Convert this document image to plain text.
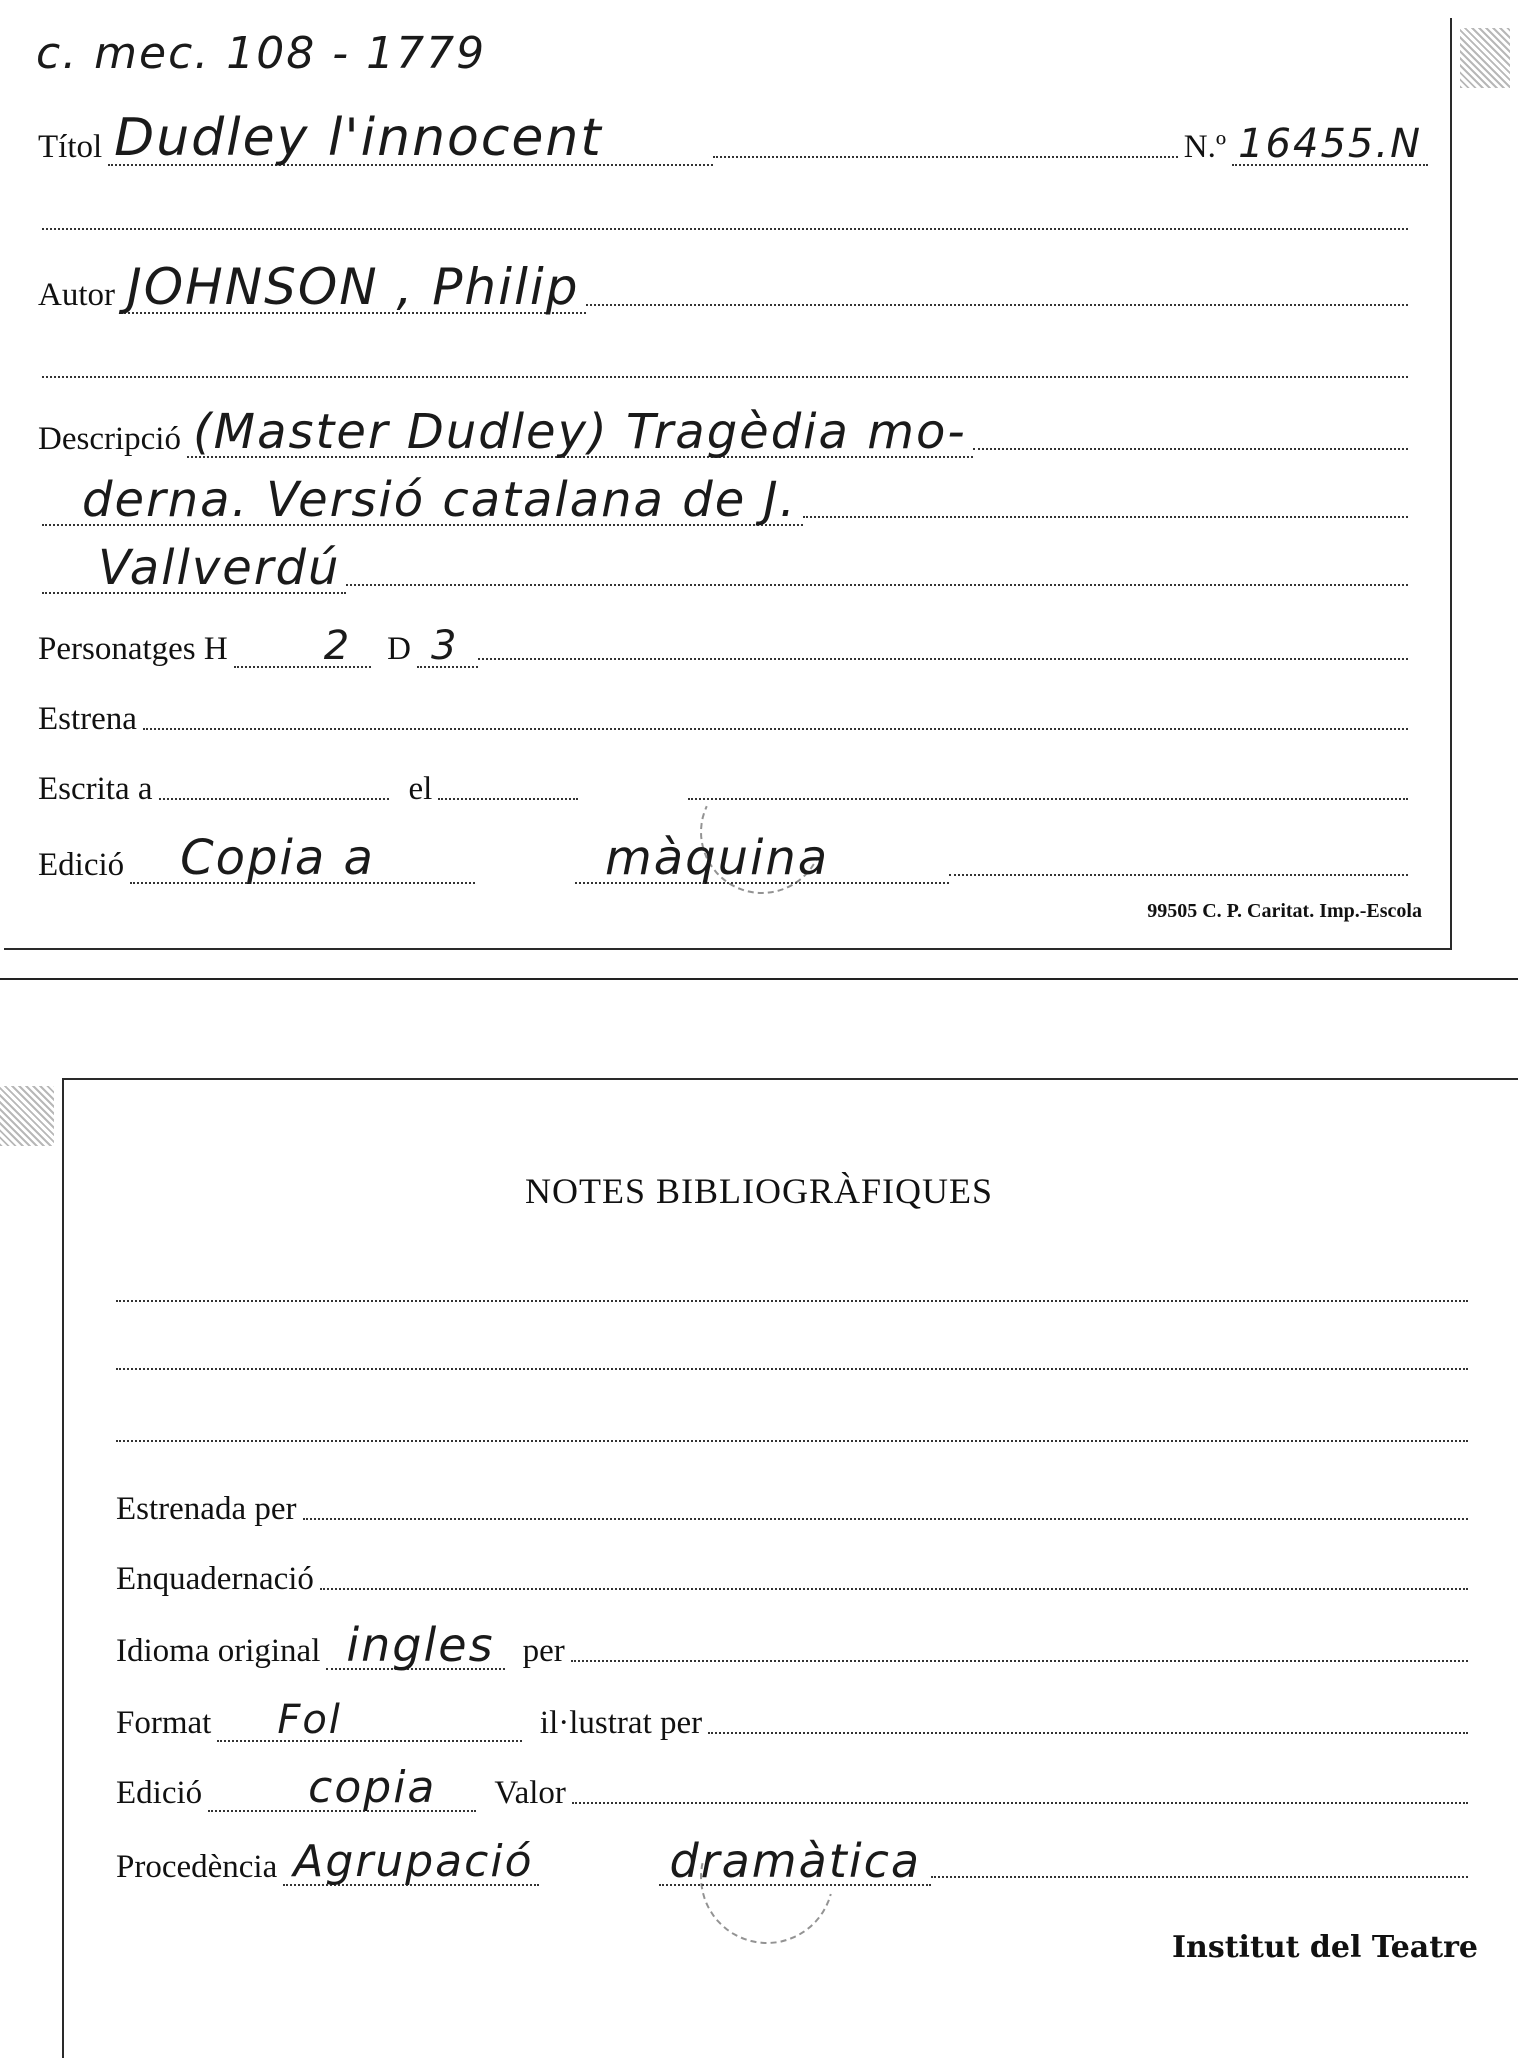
c. mec. 108 - 1779
Títol Dudley l'innocent	N.º 16455.N
Autor JOHNSON , Philip
Descripció (Master Dudley) Tragèdia mo-
derna. Versió catalana de J.
Vallverdú
Personatges H	2	D 3
Estrena
Escrita a	el
Edició	Copia a	màquina
99505 C. P. Caritat. Imp.-Escola
NOTES BIBLIOGRÀFIQUES
Estrenada per
Enquadernació
Idioma original ingles per
Format	Fol	il·lustrat per
Edició	copia	Valor
Procedència Agrupació	dramàtica
Institut del Teatre
